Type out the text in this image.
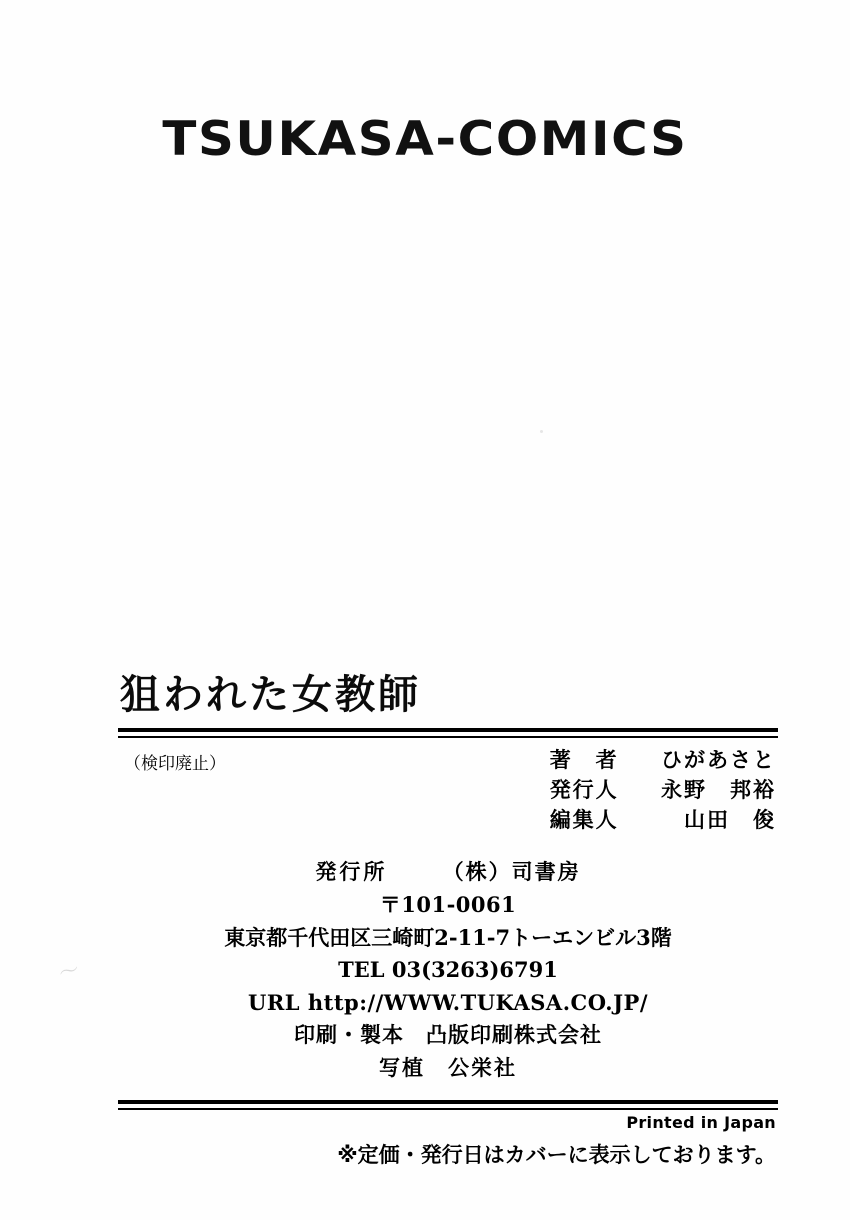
TSUKASA-COMICS
〜
狙われた女教師
（検印廃止）	著　者 ひがあさと
発行人 永野　邦裕
編集人	山田　俊
発行所	（株）司書房
〒101-0061
東京都千代田区三崎町2-11-7トーエンビル3階
TEL 03(3263)6791
URL http://WWW.TUKASA.CO.JP/
印刷・製本　凸版印刷株式会社
写植　公栄社
Printed in Japan
※定価・発行日はカバーに表示しております。
